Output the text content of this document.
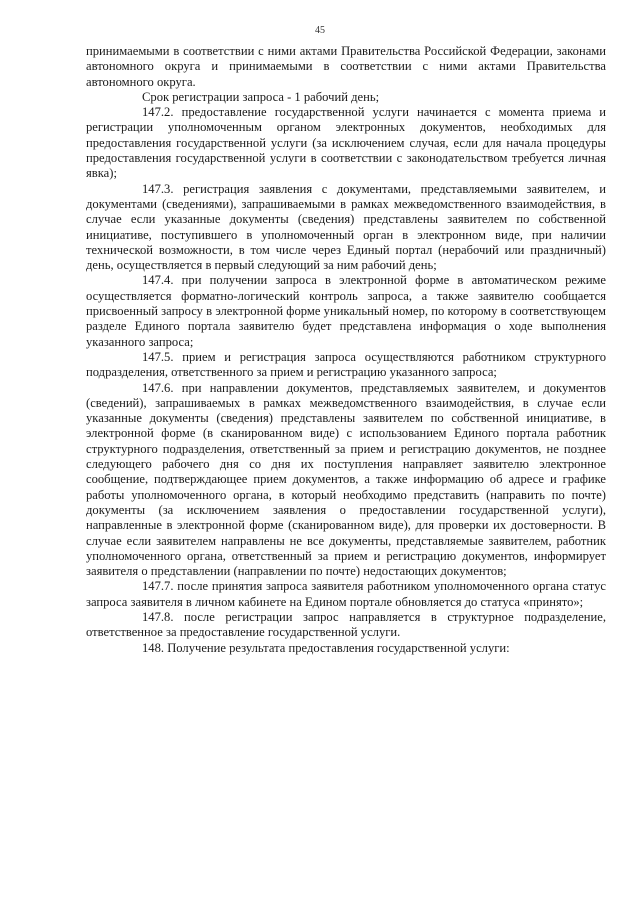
45

принимаемыми в соответствии с ними актами Правительства Российской Федерации, законами автономного округа и принимаемыми в соответствии с ними актами Правительства автономного округа.

Срок регистрации запроса - 1 рабочий день;

147.2. предоставление государственной услуги начинается с момента приема и регистрации уполномоченным органом электронных документов, необходимых для предоставления государственной услуги (за исключением случая, если для начала процедуры предоставления государственной услуги в соответствии с законодательством требуется личная явка);

147.3. регистрация заявления с документами, представляемыми заявителем, и документами (сведениями), запрашиваемыми в рамках межведомственного взаимодействия, в случае если указанные документы (сведения) представлены заявителем по собственной инициативе, поступившего в уполномоченный орган в электронном виде, при наличии технической возможности, в том числе через Единый портал (нерабочий или праздничный) день, осуществляется в первый следующий за ним рабочий день;

147.4. при получении запроса в электронной форме в автоматическом режиме осуществляется форматно-логический контроль запроса, а также заявителю сообщается присвоенный запросу в электронной форме уникальный номер, по которому в соответствующем разделе Единого портала заявителю будет представлена информация о ходе выполнения указанного запроса;

147.5. прием и регистрация запроса осуществляются работником структурного подразделения, ответственного за прием и регистрацию указанного запроса;

147.6. при направлении документов, представляемых заявителем, и документов (сведений), запрашиваемых в рамках межведомственного взаимодействия, в случае если указанные документы (сведения) представлены заявителем по собственной инициативе, в электронной форме (в сканированном виде) с использованием Единого портала работник структурного подразделения, ответственный за прием и регистрацию документов, не позднее следующего рабочего дня со дня их поступления направляет заявителю электронное сообщение, подтверждающее прием документов, а также информацию об адресе и графике работы уполномоченного органа, в который необходимо представить (направить по почте) документы (за исключением заявления о предоставлении государственной услуги), направленные в электронной форме (сканированном виде), для проверки их достоверности. В случае если заявителем направлены не все документы, представляемые заявителем, работник уполномоченного органа, ответственный за прием и регистрацию документов, информирует заявителя о представлении (направлении по почте) недостающих документов;

147.7. после принятия запроса заявителя работником уполномоченного органа статус запроса заявителя в личном кабинете на Едином портале обновляется до статуса «принято»;

147.8. после регистрации запрос направляется в структурное подразделение, ответственное за предоставление государственной услуги.

148. Получение результата предоставления государственной услуги:
